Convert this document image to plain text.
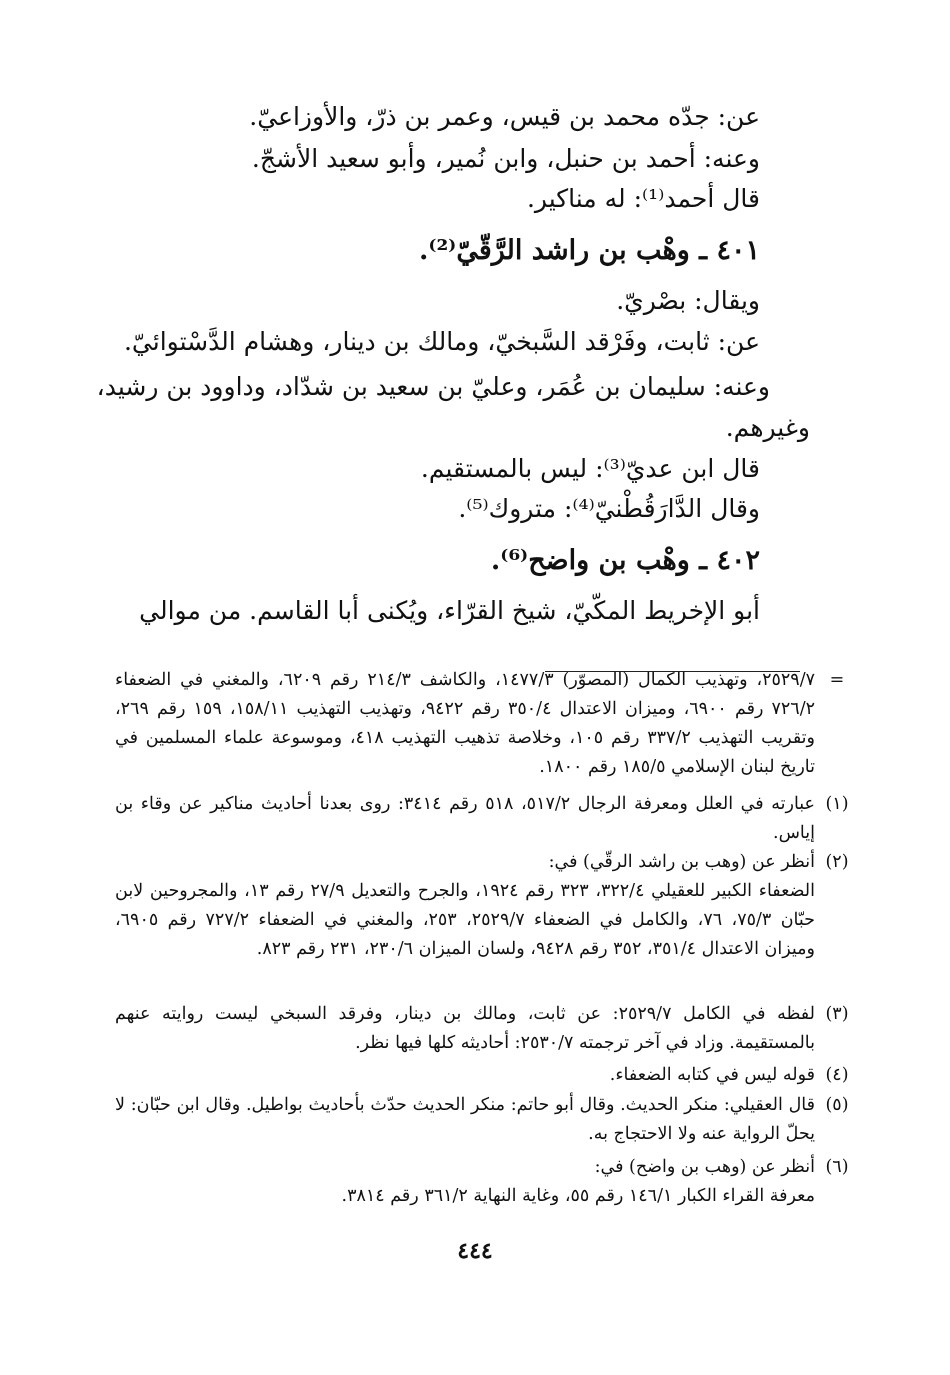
عن: جدّه محمد بن قيس، وعمر بن ذرّ، والأوزاعيّ.
وعنه: أحمد بن حنبل، وابن نُمير، وأبو سعيد الأشجّ.
قال أحمد⁽¹⁾: له مناكير.
٤٠١ ـ وهْب بن راشد الرَّقّيّ⁽²⁾.
ويقال: بصْريّ.
عن: ثابت، وفَرْقد السَّبخيّ، ومالك بن دينار، وهشام الدَّسْتوائيّ.
وعنه: سليمان بن عُمَر، وعليّ بن سعيد بن شدّاد، وداوود بن رشيد،
وغيرهم.
قال ابن عديّ⁽³⁾: ليس بالمستقيم.
وقال الدَّارَقُطْنيّ⁽⁴⁾: متروك⁽⁵⁾.
٤٠٢ ـ وهْب بن واضح⁽⁶⁾.
أبو الإخريط المكّيّ، شيخ القرّاء، ويُكنى أبا القاسم. من موالي
=

٢٥٢٩/٧، وتهذيب الكمال (المصوّر) ١٤٧٧/٣، والكاشف ٢١٤/٣ رقم ٦٢٠٩، والمغني في الضعفاء ٧٢٦/٢ رقم ٦٩٠٠، وميزان الاعتدال ٣٥٠/٤ رقم ٩٤٢٢، وتهذيب التهذيب ١٥٨/١١، ١٥٩ رقم ٢٦٩، وتقريب التهذيب ٣٣٧/٢ رقم ١٠٥، وخلاصة تذهيب التهذيب ٤١٨، وموسوعة علماء المسلمين في تاريخ لبنان الإسلامي ١٨٥/٥ رقم ١٨٠٠.

(١)

عبارته في العلل ومعرفة الرجال ٥١٧/٢، ٥١٨ رقم ٣٤١٤: روى بعدنا أحاديث مناكير عن وقاء بن إياس.

(٢)

أنظر عن (وهب بن راشد الرقّي) في:

الضعفاء الكبير للعقيلي ٣٢٢/٤، ٣٢٣ رقم ١٩٢٤، والجرح والتعديل ٢٧/٩ رقم ١٣، والمجروحين لابن حبّان ٧٥/٣، ٧٦، والكامل في الضعفاء ٢٥٢٩/٧، ٢٥٣، والمغني في الضعفاء ٧٢٧/٢ رقم ٦٩٠٥، وميزان الاعتدال ٣٥١/٤، ٣٥٢ رقم ٩٤٢٨، ولسان الميزان ٢٣٠/٦، ٢٣١ رقم ٨٢٣.

(٣)

لفظه في الكامل ٢٥٢٩/٧: عن ثابت، ومالك بن دينار، وفرقد السبخي ليست روايته عنهم بالمستقيمة. وزاد في آخر ترجمته ٢٥٣٠/٧: أحاديثه كلها فيها نظر.

(٤)

قوله ليس في كتابه الضعفاء.

(٥)

قال العقيلي: منكر الحديث. وقال أبو حاتم: منكر الحديث حدّث بأحاديث بواطيل. وقال ابن حبّان: لا يحلّ الرواية عنه ولا الاحتجاج به.

(٦)

أنظر عن (وهب بن واضح) في:

معرفة القراء الكبار ١٤٦/١ رقم ٥٥، وغاية النهاية ٣٦١/٢ رقم ٣٨١٤.

٤٤٤
